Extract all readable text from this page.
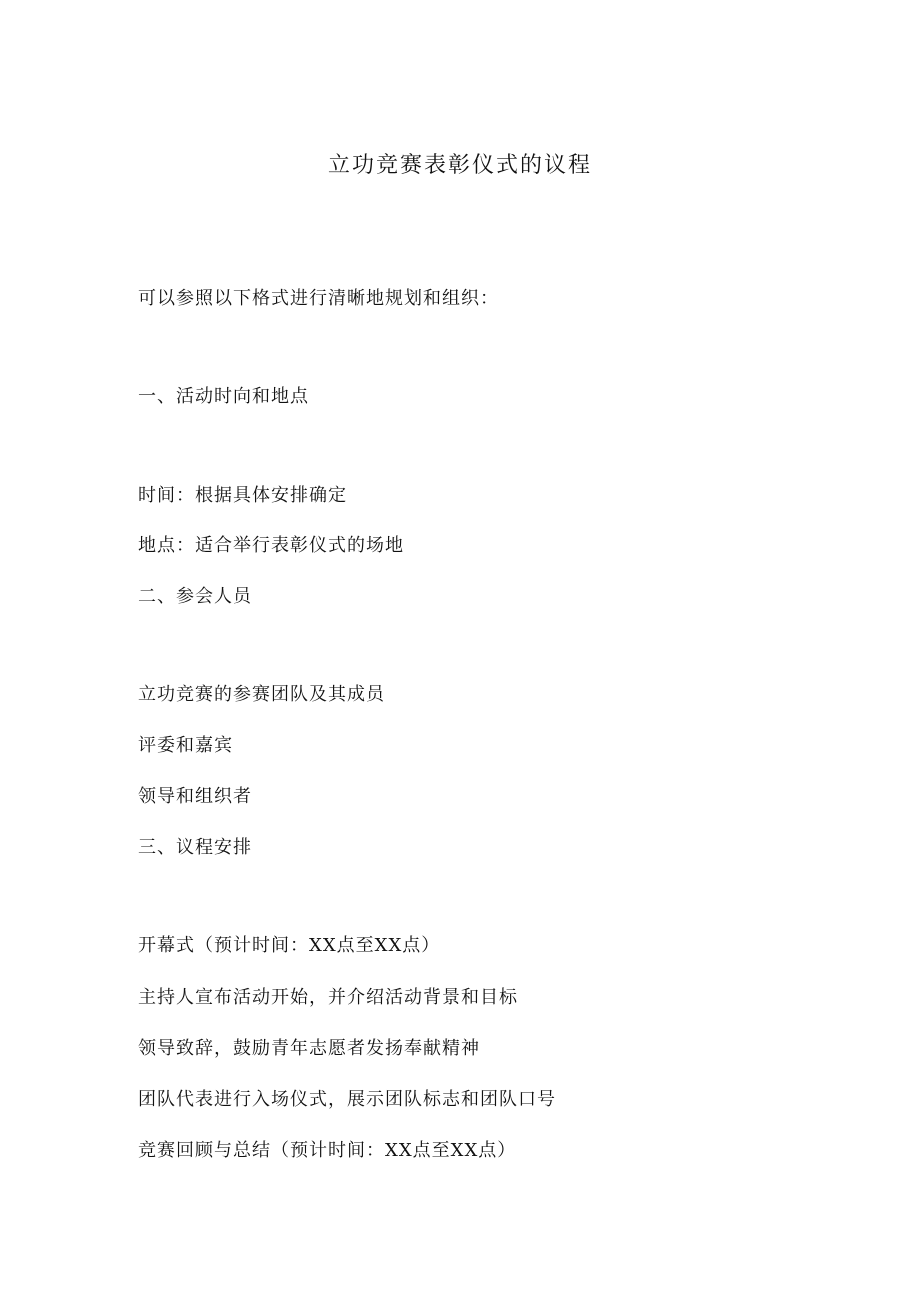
立功竞赛表彰仪式的议程
可以参照以下格式进行清晰地规划和组织：
一、活动时向和地点
时间：根据具体安排确定
地点：适合举行表彰仪式的场地
二、参会人员
立功竞赛的参赛团队及其成员
评委和嘉宾
领导和组织者
三、议程安排
开幕式（预计时间：XX点至XX点）
主持人宣布活动开始，并介绍活动背景和目标
领导致辞，鼓励青年志愿者发扬奉献精神
团队代表进行入场仪式，展示团队标志和团队口号
竞赛回顾与总结（预计时间：XX点至XX点）
